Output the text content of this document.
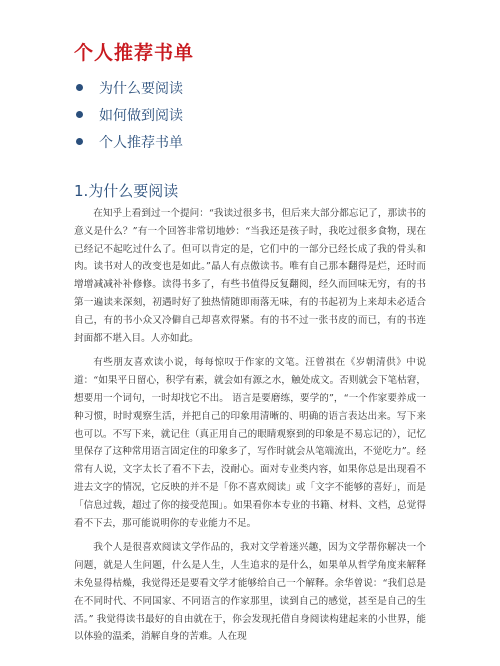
个人推荐书单
为什么要阅读
如何做到阅读
个人推荐书单
1.为什么要阅读

在知乎上看到过一个提问：“我读过很多书，但后来大部分都忘记了，那读书的意义是什么？”有一个回答非常切地妙：“当我还是孩子时，我吃过很多食物，现在已经记不起吃过什么了。但可以肯定的是，它们中的一部分已经长成了我的骨头和肉。读书对人的改变也是如此。”晶人有点傲读书。唯有自己那本翻得是烂，还时而增增减减补补修修。读得书多了，有些书值得反复翻阅，经久而回味无穷，有的书第一遍读来深刻，初遇时好了独热情随即雨落无味，有的书起初为上来却未必适合自己，有的书小众又冷僻自己却喜欢得紧。有的书不过一张书皮的而已，有的书连封面都不堪入目。人亦如此。

有些朋友喜欢读小说，每每惊叹于作家的文笔。汪曾祺在《岁朝清供》中说道：“如果平日留心，积学有素，就会如有源之水，触处成文。否则就会下笔枯窘，想要用一个词句，一时却找它不出。 语言是要磨练，要学的”，“一个作家要养成一种习惯，时时观察生活，并把自己的印象用清晰的、明确的语言表达出来。写下来也可以。不写下来，就记住（真正用自己的眼睛观察到的印象是不易忘记的），记忆里保存了这种常用语言固定住的印象多了，写作时就会从笔端流出，不觉吃力”。经常有人说，文字太长了看不下去，没耐心。面对专业类内容，如果你总是出现看不进去文字的情况，它反映的并不是「你不喜欢阅读」或「文字不能够的喜好」，而是「信息过载，超过了你的接受范围」。如果看你本专业的书籍、材料、文档，总觉得看不下去，那可能说明你的专业能力不足。

我个人是很喜欢阅读文学作品的，我对文学着迷兴趣，因为文学帮你解决一个问题，就是人生问题，什么是人生，人生追求的是什么，如果单从哲学角度来解释未免显得枯燥，我觉得还是要看文学才能够给自己一个解释。余华曾说：“我们总是在不同时代、不同国家、不同语言的作家那里，读到自己的感觉，甚至是自己的生活。” 我觉得读书最好的自由就在于，你会发现托借自身阅读构建起来的小世界，能以体验的温柔，消解自身的苦难。人在现
